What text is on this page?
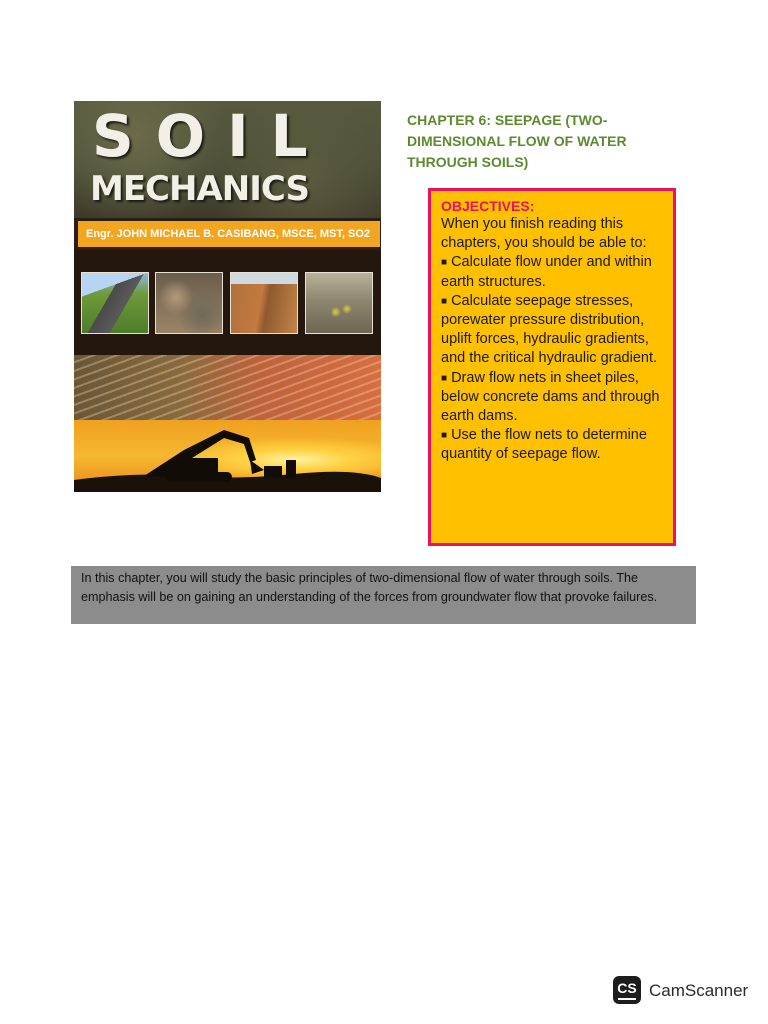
SOIL
MECHANICS
Engr. JOHN MICHAEL B. CASIBANG, MSCE, MST, SO2
CHAPTER 6: SEEPAGE (TWO-DIMENSIONAL FLOW OF WATER THROUGH SOILS)
OBJECTIVES:
When you finish reading this chapters, you should be able to:
■ Calculate flow under and within earth structures.
■ Calculate seepage stresses, porewater pressure distribution, uplift forces, hydraulic gradients, and the critical hydraulic gradient.
■ Draw flow nets in sheet piles, below concrete dams and through earth dams.
■ Use the flow nets to determine quantity of seepage flow.
In this chapter, you will study the basic principles of two-dimensional flow of water through soils. The emphasis will be on gaining an understanding of the forces from groundwater flow that provoke failures.
CS CamScanner
